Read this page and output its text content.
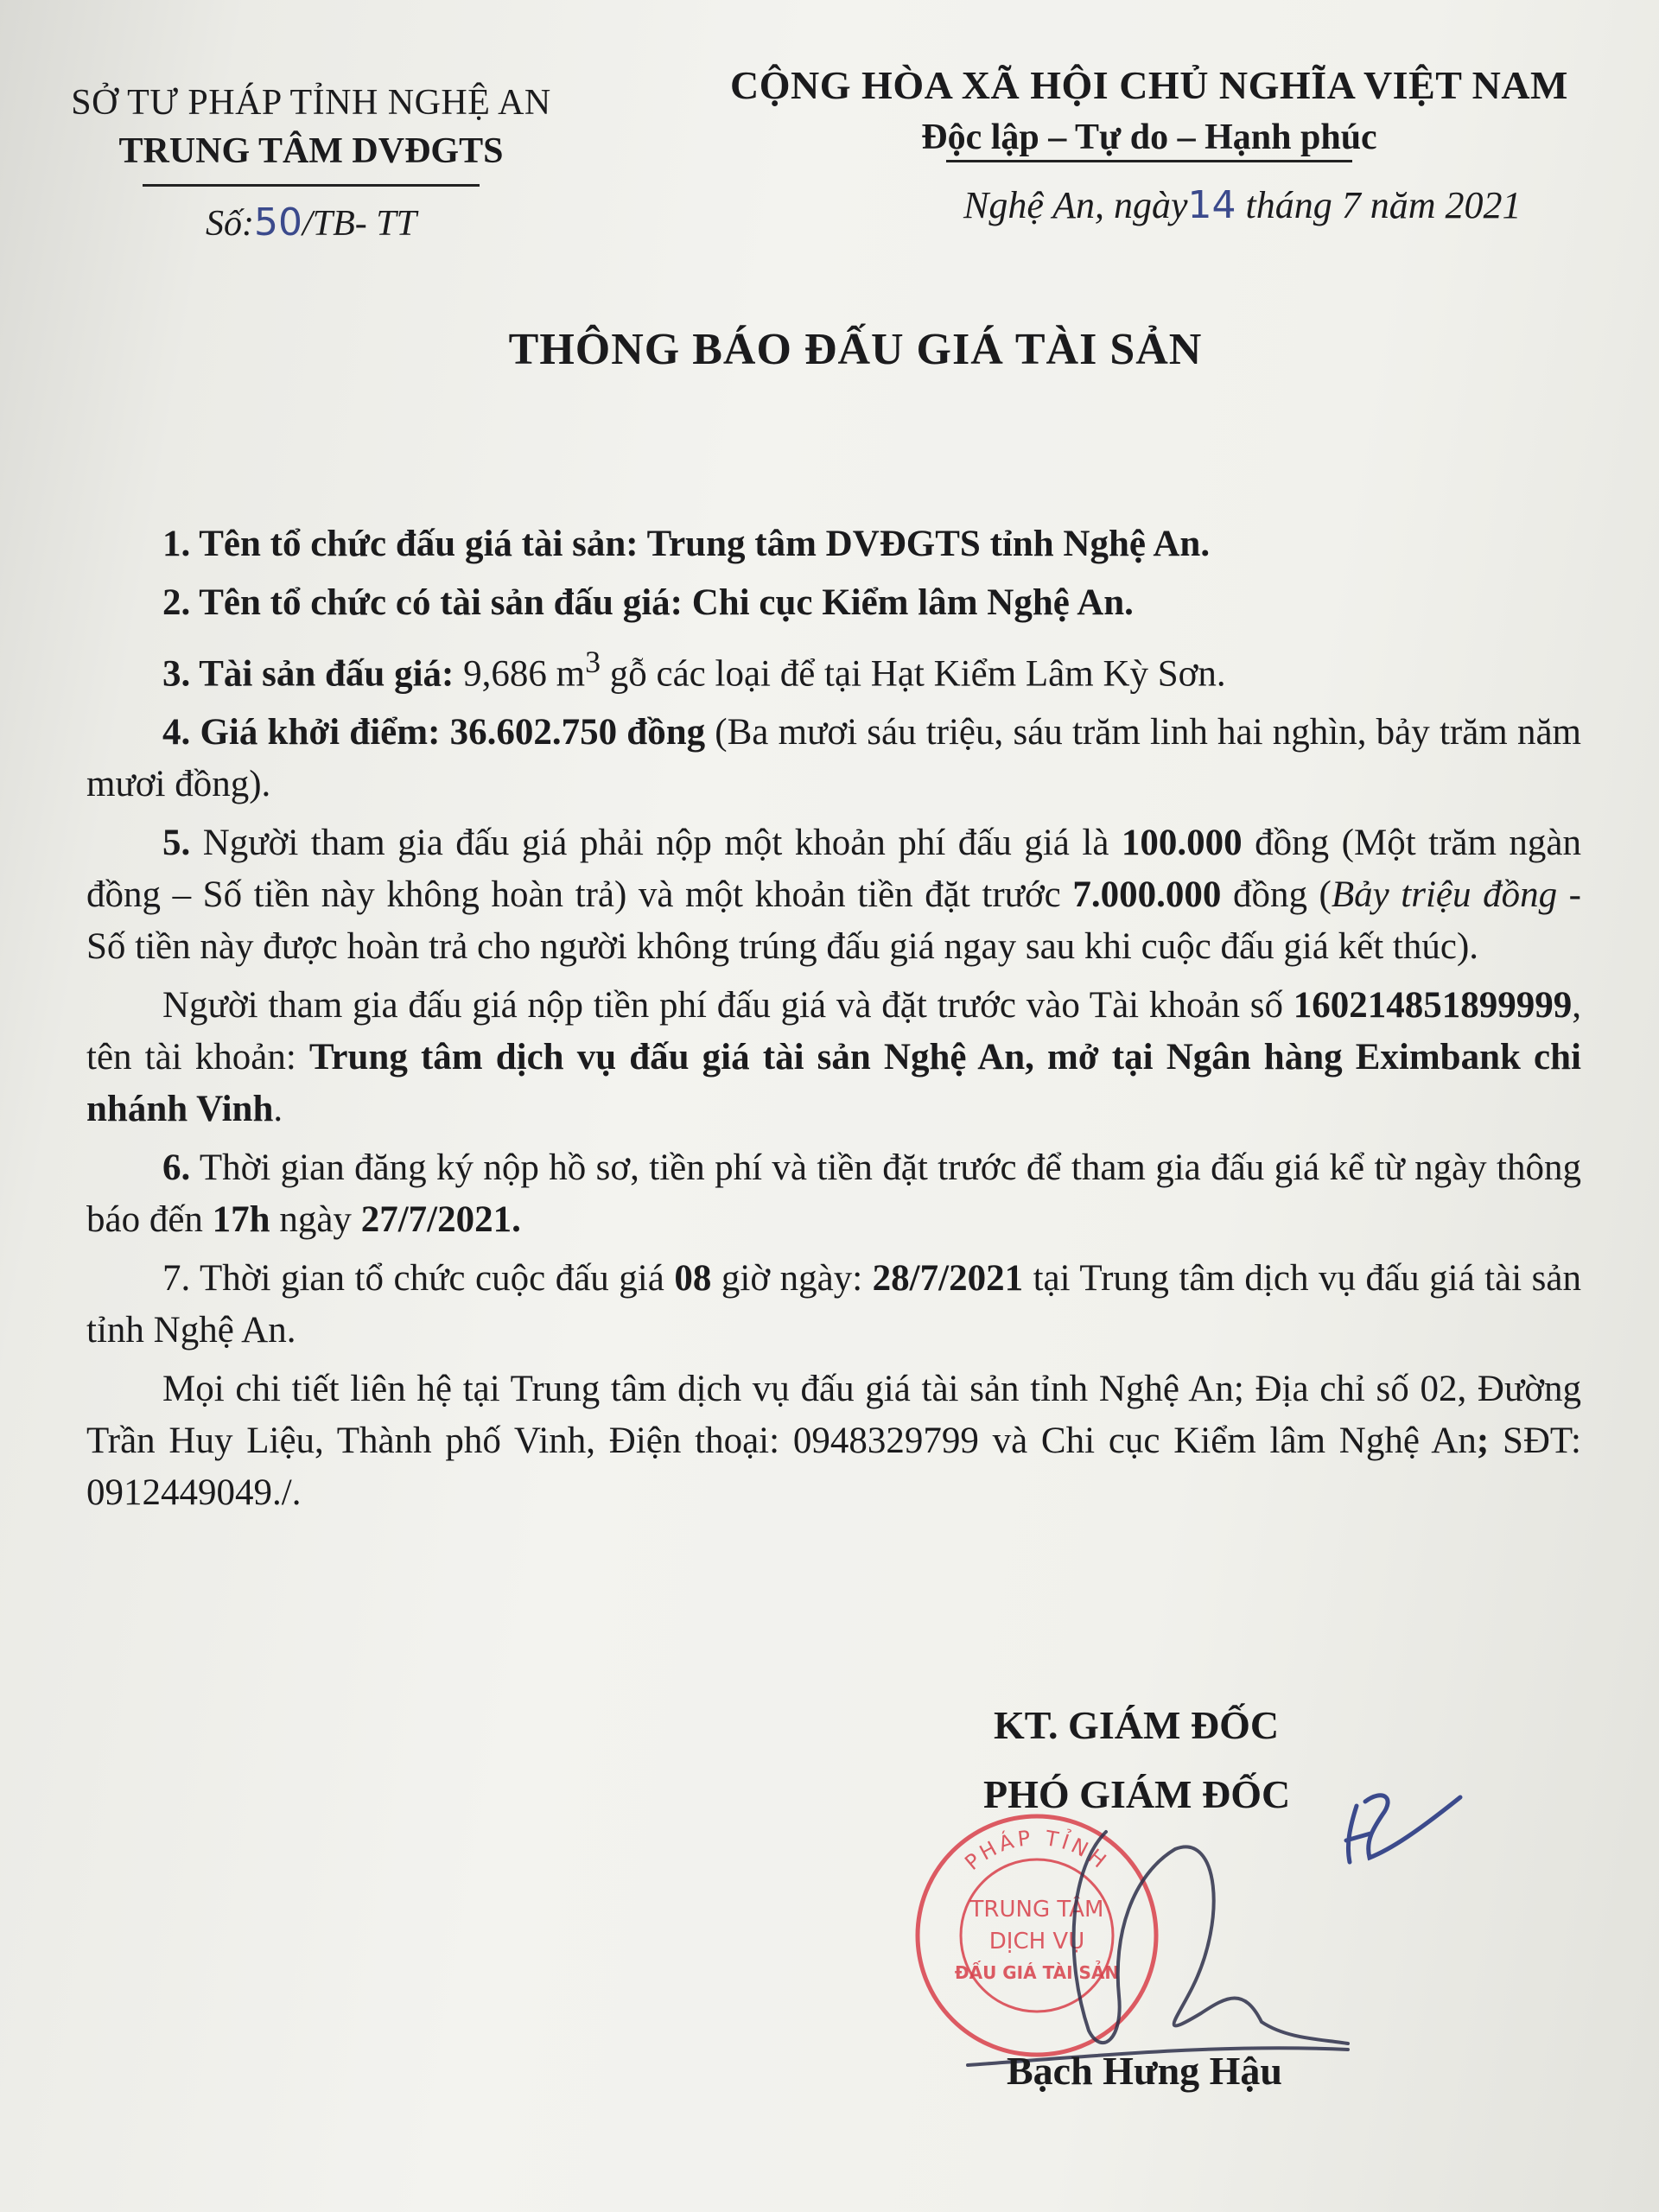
SỞ TƯ PHÁP TỈNH NGHỆ AN
TRUNG TÂM DVĐGTS
Số:50/TB- TT
CỘNG HÒA XÃ HỘI CHỦ NGHĨA VIỆT NAM
Độc lập – Tự do – Hạnh phúc
Nghệ An, ngày14 tháng 7 năm 2021
THÔNG BÁO ĐẤU GIÁ TÀI SẢN

1. Tên tổ chức đấu giá tài sản: Trung tâm DVĐGTS tỉnh Nghệ An.

2. Tên tổ chức có tài sản đấu giá: Chi cục Kiểm lâm Nghệ An.

3. Tài sản đấu giá: 9,686 $m^3$ gỗ các loại để tại Hạt Kiểm Lâm Kỳ Sơn.

4. Giá khởi điểm: 36.602.750 đồng (Ba mươi sáu triệu, sáu trăm linh hai nghìn, bảy trăm năm mươi đồng).

5. Người tham gia đấu giá phải nộp một khoản phí đấu giá là 100.000 đồng (Một trăm ngàn đồng – Số tiền này không hoàn trả) và một khoản tiền đặt trước 7.000.000 đồng (Bảy triệu đồng - Số tiền này được hoàn trả cho người không trúng đấu giá ngay sau khi cuộc đấu giá kết thúc).

Người tham gia đấu giá nộp tiền phí đấu giá và đặt trước vào Tài khoản số 160214851899999, tên tài khoản: Trung tâm dịch vụ đấu giá tài sản Nghệ An, mở tại Ngân hàng Eximbank chi nhánh Vinh.

6. Thời gian đăng ký nộp hồ sơ, tiền phí và tiền đặt trước để tham gia đấu giá kể từ ngày thông báo đến 17h ngày 27/7/2021.

7. Thời gian tổ chức cuộc đấu giá 08 giờ ngày: 28/7/2021 tại Trung tâm dịch vụ đấu giá tài sản tỉnh Nghệ An.

Mọi chi tiết liên hệ tại Trung tâm dịch vụ đấu giá tài sản tỉnh Nghệ An; Địa chỉ số 02, Đường Trần Huy Liệu, Thành phố Vinh, Điện thoại: 0948329799 và Chi cục Kiểm lâm Nghệ An; SĐT: 0912449049./.

KT. GIÁM ĐỐC
PHÓ GIÁM ĐỐC
PHÁP TỈNH
TRUNG TÂM
DỊCH VỤ
ĐẤU GIÁ TÀI SẢN
Bạch Hưng Hậu
